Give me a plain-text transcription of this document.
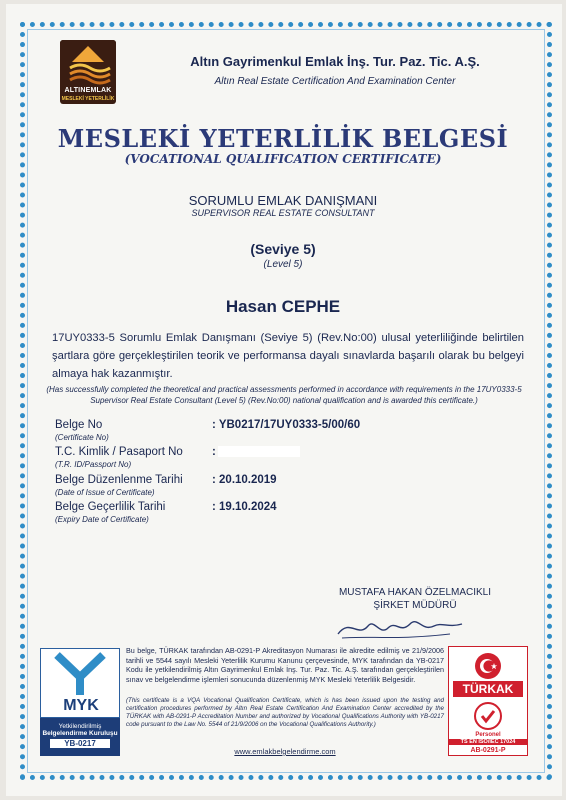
ALTINEMLAK
MESLEKİ YETERLİLİK
Altın Gayrimenkul Emlak İnş. Tur. Paz. Tic. A.Ş.
Altın Real Estate Certification And Examination Center
MESLEKİ YETERLİLİK BELGESİ
(VOCATIONAL QUALIFICATION CERTIFICATE)
SORUMLU EMLAK DANIŞMANI
SUPERVISOR REAL ESTATE CONSULTANT
(Seviye 5)
(Level 5)
Hasan CEPHE
17UY0333-5 Sorumlu Emlak Danışmanı (Seviye 5) (Rev.No:00) ulusal yeterliliğinde belirtilen şartlara göre gerçekleştirilen teorik ve performansa dayalı sınavlarda başarılı olarak bu belgeyi almaya hak kazanmıştır.
(Has successfully completed the theoretical and practical assessments performed in accordance with requirements in the 17UY0333-5 Supervisor Real Estate Consultant (Level 5) (Rev.No:00) national qualification and is awarded this certificate.)
Belge No
(Certificate No)
: YB0217/17UY0333-5/00/60
T.C. Kimlik / Pasaport No
(T.R. ID/Passport No)
:
Belge Düzenlenme Tarihi
(Date of Issue of Certificate)
: 20.10.2019
Belge Geçerlilik Tarihi
(Expiry Date of Certificate)
: 19.10.2024
MUSTAFA HAKAN ÖZELMACIKLI
ŞİRKET MÜDÜRÜ
MYK
Yetkilendirilmiş
Belgelendirme Kuruluşu
YB-0217
Bu belge, TÜRKAK tarafından AB-0291-P Akreditasyon Numarası ile akredite edilmiş ve 21/9/2006 tarihli ve 5544 sayılı Mesleki Yeterlilik Kurumu Kanunu çerçevesinde, MYK tarafından da YB-0217 Kodu ile yetkilendirilmiş Altın Gayrimenkul Emlak İnş. Tur. Paz. Tic. A.Ş. tarafından gerçekleştirilen sınav ve belgelendirme işlemleri sonucunda düzenlenmiş MYK Mesleki Yeterlilik Belgesidir.
(This certificate is a VQA Vocational Qualification Certificate, which is has been issued upon the testing and certification procedures performed by Altın Real Estate Certification And Examination Center accredited by the TÜRKAK with AB-0291-P Accreditation Number and authorized by Vocational Qualifications Authority with YB-0217 code pursuant to the Law No. 5544 of 21/9/2006 on the Vocational Qualifications Authority.)
www.emlakbelgelendirme.com
TÜRKAK
Personel
TS EN ISO/IEC 17024
AB-0291-P
